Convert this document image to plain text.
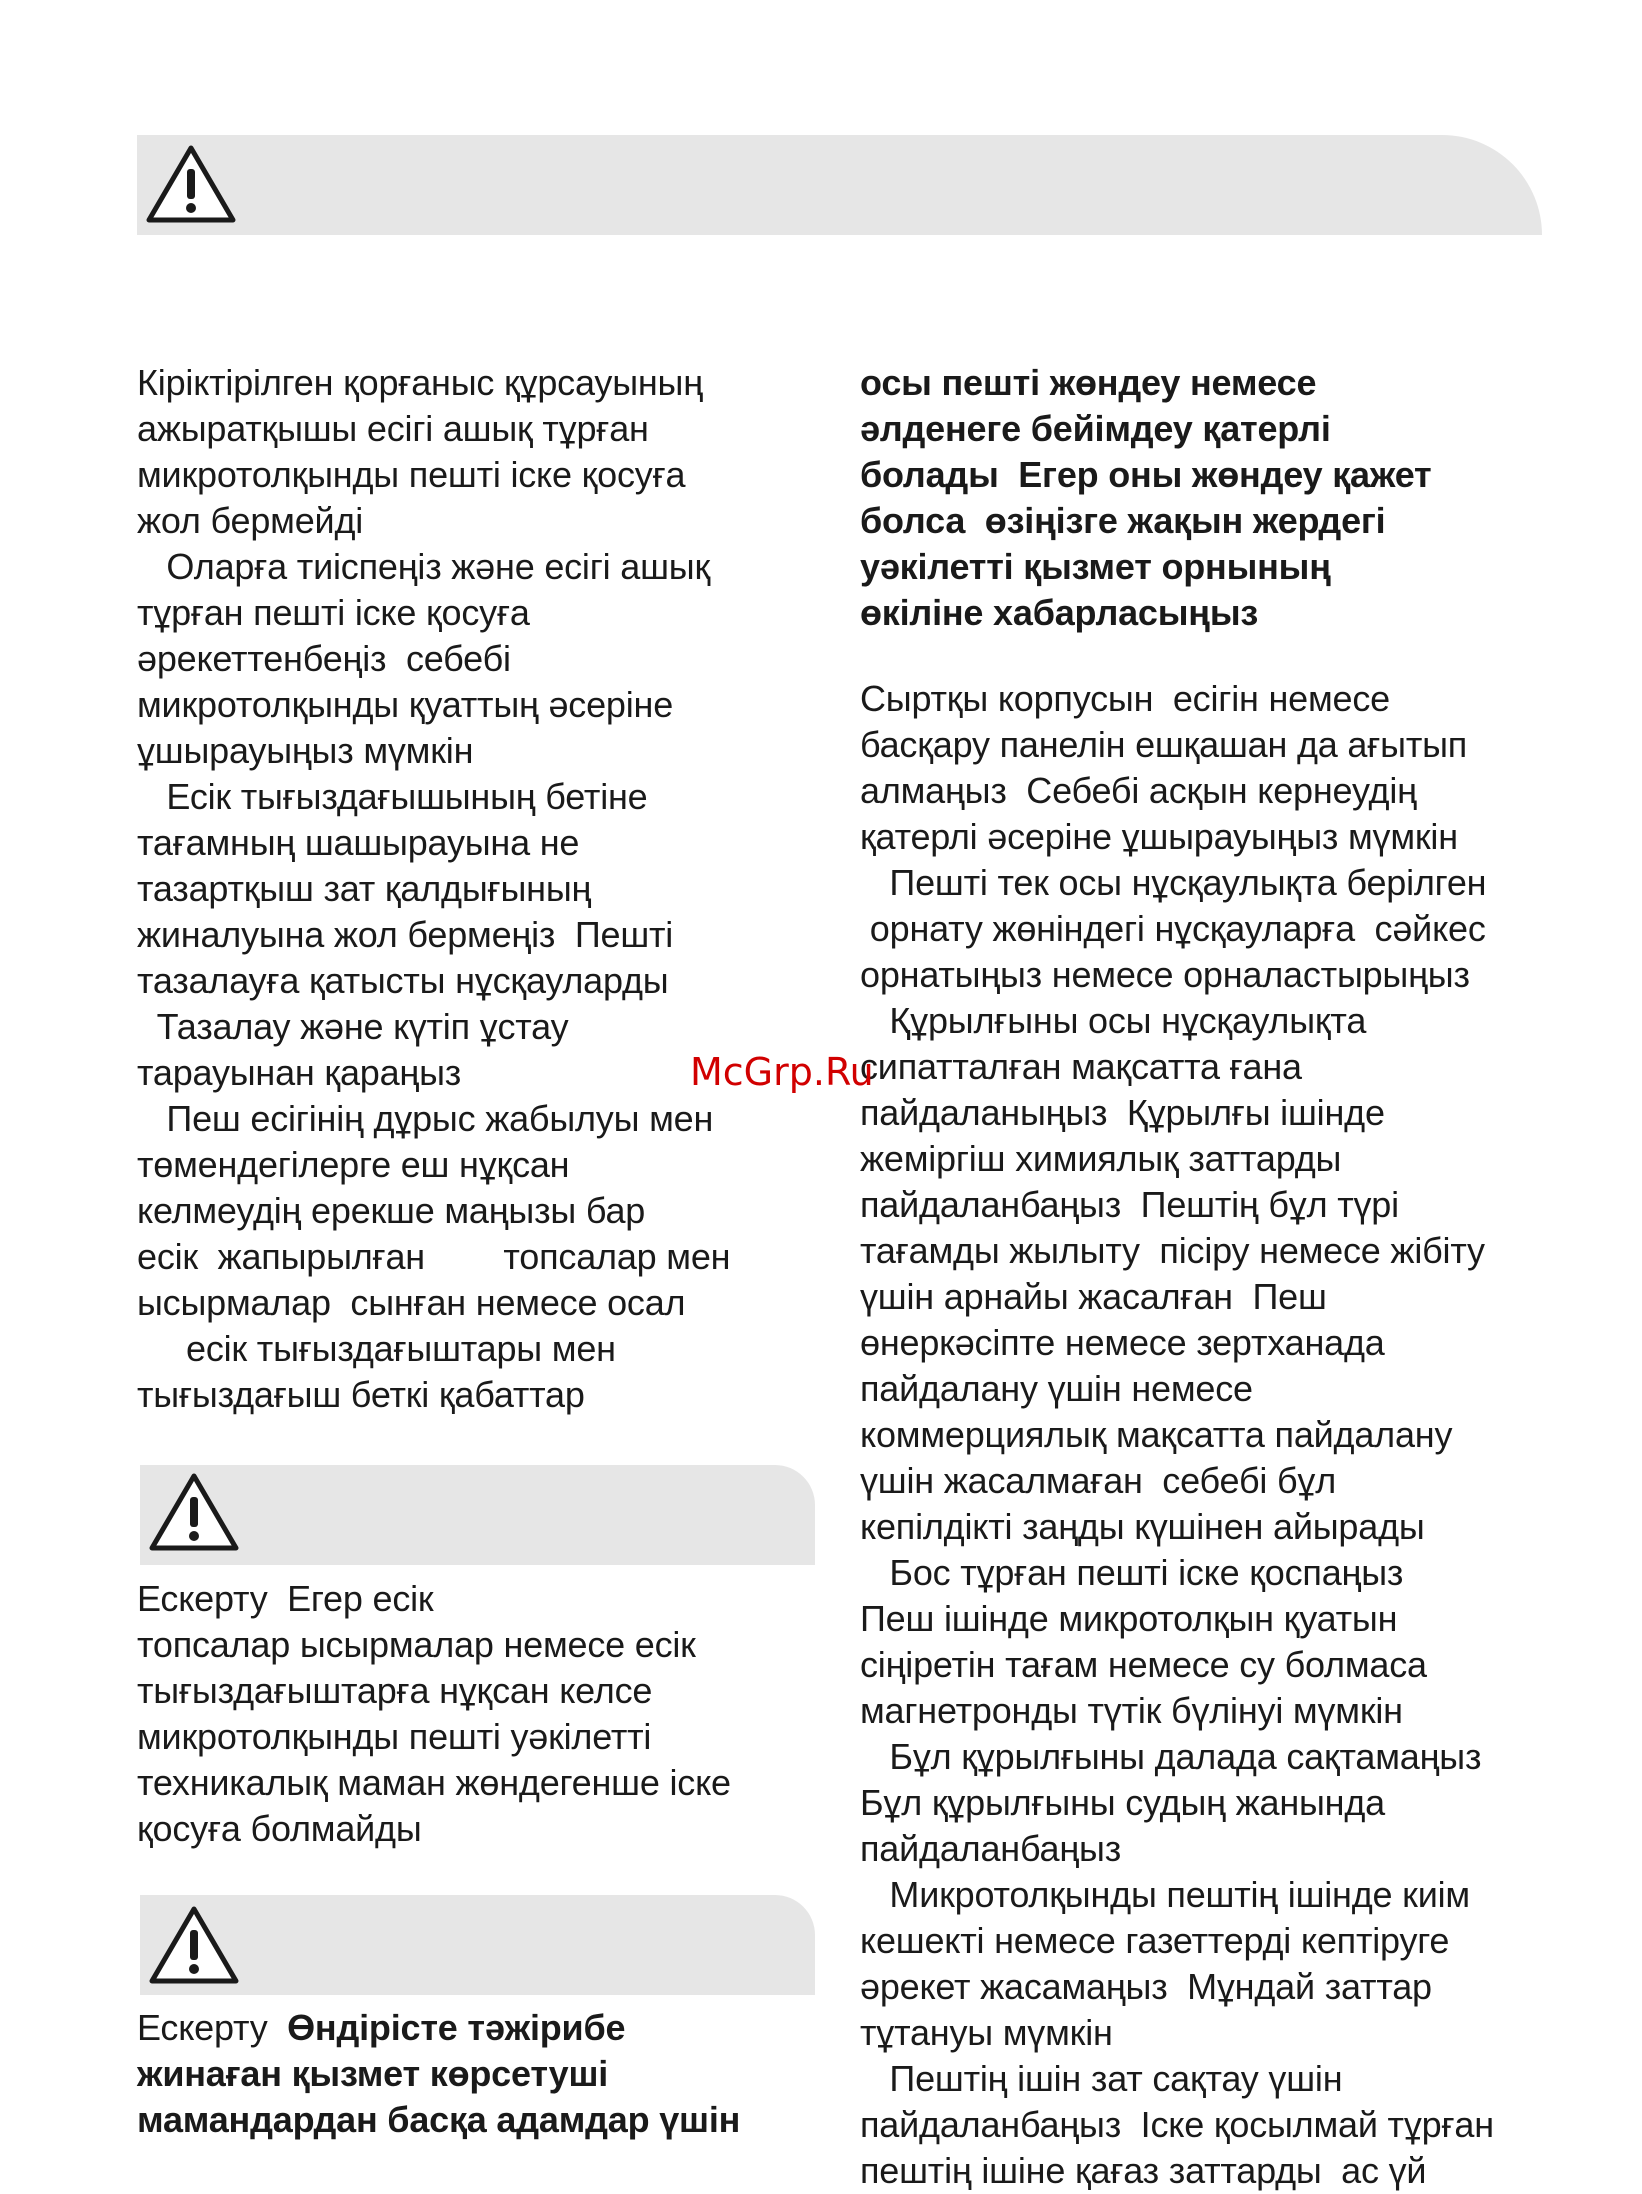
Кіріктірілген қорғаныс құрсауының
ажыратқышы есігі ашық тұрған
микротолқынды пешті іске қосуға
жол бермейді
Оларға тиіспеңіз және есігі ашық
тұрған пешті іске қосуға
әрекеттенбеңіз  себебі
микротолқынды қуаттың әсеріне
ұшырауыңыз мүмкін
Есік тығыздағышының бетіне
тағамның шашырауына не
тазартқыш зат қалдығының
жиналуына жол бермеңіз  Пешті
тазалауға қатысты нұсқауларды
Тазалау және күтіп ұстау
тарауынан қараңыз
Пеш есігінің дұрыс жабылуы мен
төмендегілерге еш нұқсан
келмеудің ерекше маңызы бар
есік  жапырылған        топсалар мен
ысырмалар  сынған немесе осал
есік тығыздағыштары мен
тығыздағыш беткі қабаттар
Ескерту  Егер есік
топсалар ысырмалар немесе есік
тығыздағыштарға нұқсан келсе
микротолқынды пешті уәкілетті
техникалық маман жөндегенше іске
қосуға болмайды
Ескерту  Өндірісте тәжірибе
жинаған қызмет көрсетуші
мамандардан басқа адамдар үшін
осы пешті жөндеу немесе
әлденеге бейімдеу қатерлі
болады  Егер оны жөндеу қажет
болса  өзіңізге жақын жердегі
уәкілетті қызмет орнының
өкіліне хабарласыңыз
Сыртқы корпусын  есігін немесе
басқару панелін ешқашан да ағытып
алмаңыз  Себебі асқын кернеудің
қатерлі әсеріне ұшырауыңыз мүмкін
Пешті тек осы нұсқаулықта берілген
орнату жөніндегі нұсқауларға  сәйкес
орнатыңыз немесе орналастырыңыз
Құрылғыны осы нұсқаулықта
сипатталған мақсатта ғана
пайдаланыңыз  Құрылғы ішінде
жеміргіш химиялық заттарды
пайдаланбаңыз  Пештің бұл түрі
тағамды жылыту  пісіру немесе жібіту
үшін арнайы жасалған  Пеш
өнеркәсіпте немесе зертханада
пайдалану үшін немесе
коммерциялық мақсатта пайдалану
үшін жасалмаған  себебі бұл
кепілдікті заңды күшінен айырады
Бос тұрған пешті іске қоспаңыз
Пеш ішінде микротолқын қуатын
сіңіретін тағам немесе су болмаса
магнетронды түтік бүлінуі мүмкін
Бұл құрылғыны далада сақтамаңыз
Бұл құрылғыны судың жанында
пайдаланбаңыз
Микротолқынды пештің ішінде киім
кешекті немесе газеттерді кептіруге
әрекет жасамаңыз  Мұндай заттар
тұтануы мүмкін
Пештің ішін зат сақтау үшін
пайдаланбаңыз  Іске қосылмай тұрған
пештің ішіне қағаз заттарды  ас үй
McGrp.Ru
